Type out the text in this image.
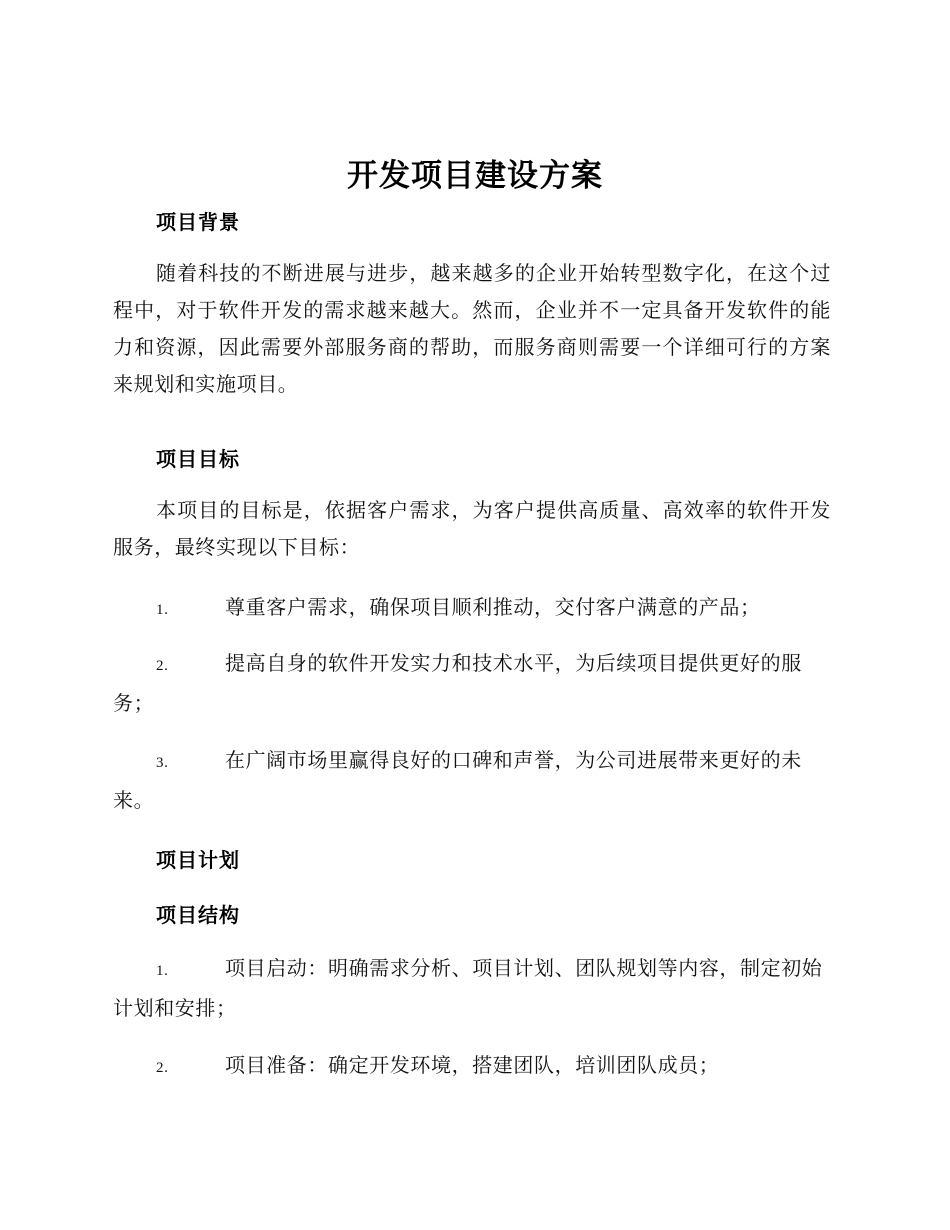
开发项目建设方案
项目背景

随着科技的不断进展与进步，越来越多的企业开始转型数字化，在这个过程中，对于软件开发的需求越来越大。然而，企业并不一定具备开发软件的能力和资源，因此需要外部服务商的帮助，而服务商则需要一个详细可行的方案来规划和实施项目。

项目目标

本项目的目标是，依据客户需求，为客户提供高质量、高效率的软件开发服务，最终实现以下目标：

1.	尊重客户需求，确保项目顺利推动，交付客户满意的产品；

2.	提高自身的软件开发实力和技术水平，为后续项目提供更好的服务；

3.	在广阔市场里赢得良好的口碑和声誉，为公司进展带来更好的未来。

项目计划
项目结构

1.	项目启动：明确需求分析、项目计划、团队规划等内容，制定初始计划和安排；

2.	项目准备：确定开发环境，搭建团队，培训团队成员；
